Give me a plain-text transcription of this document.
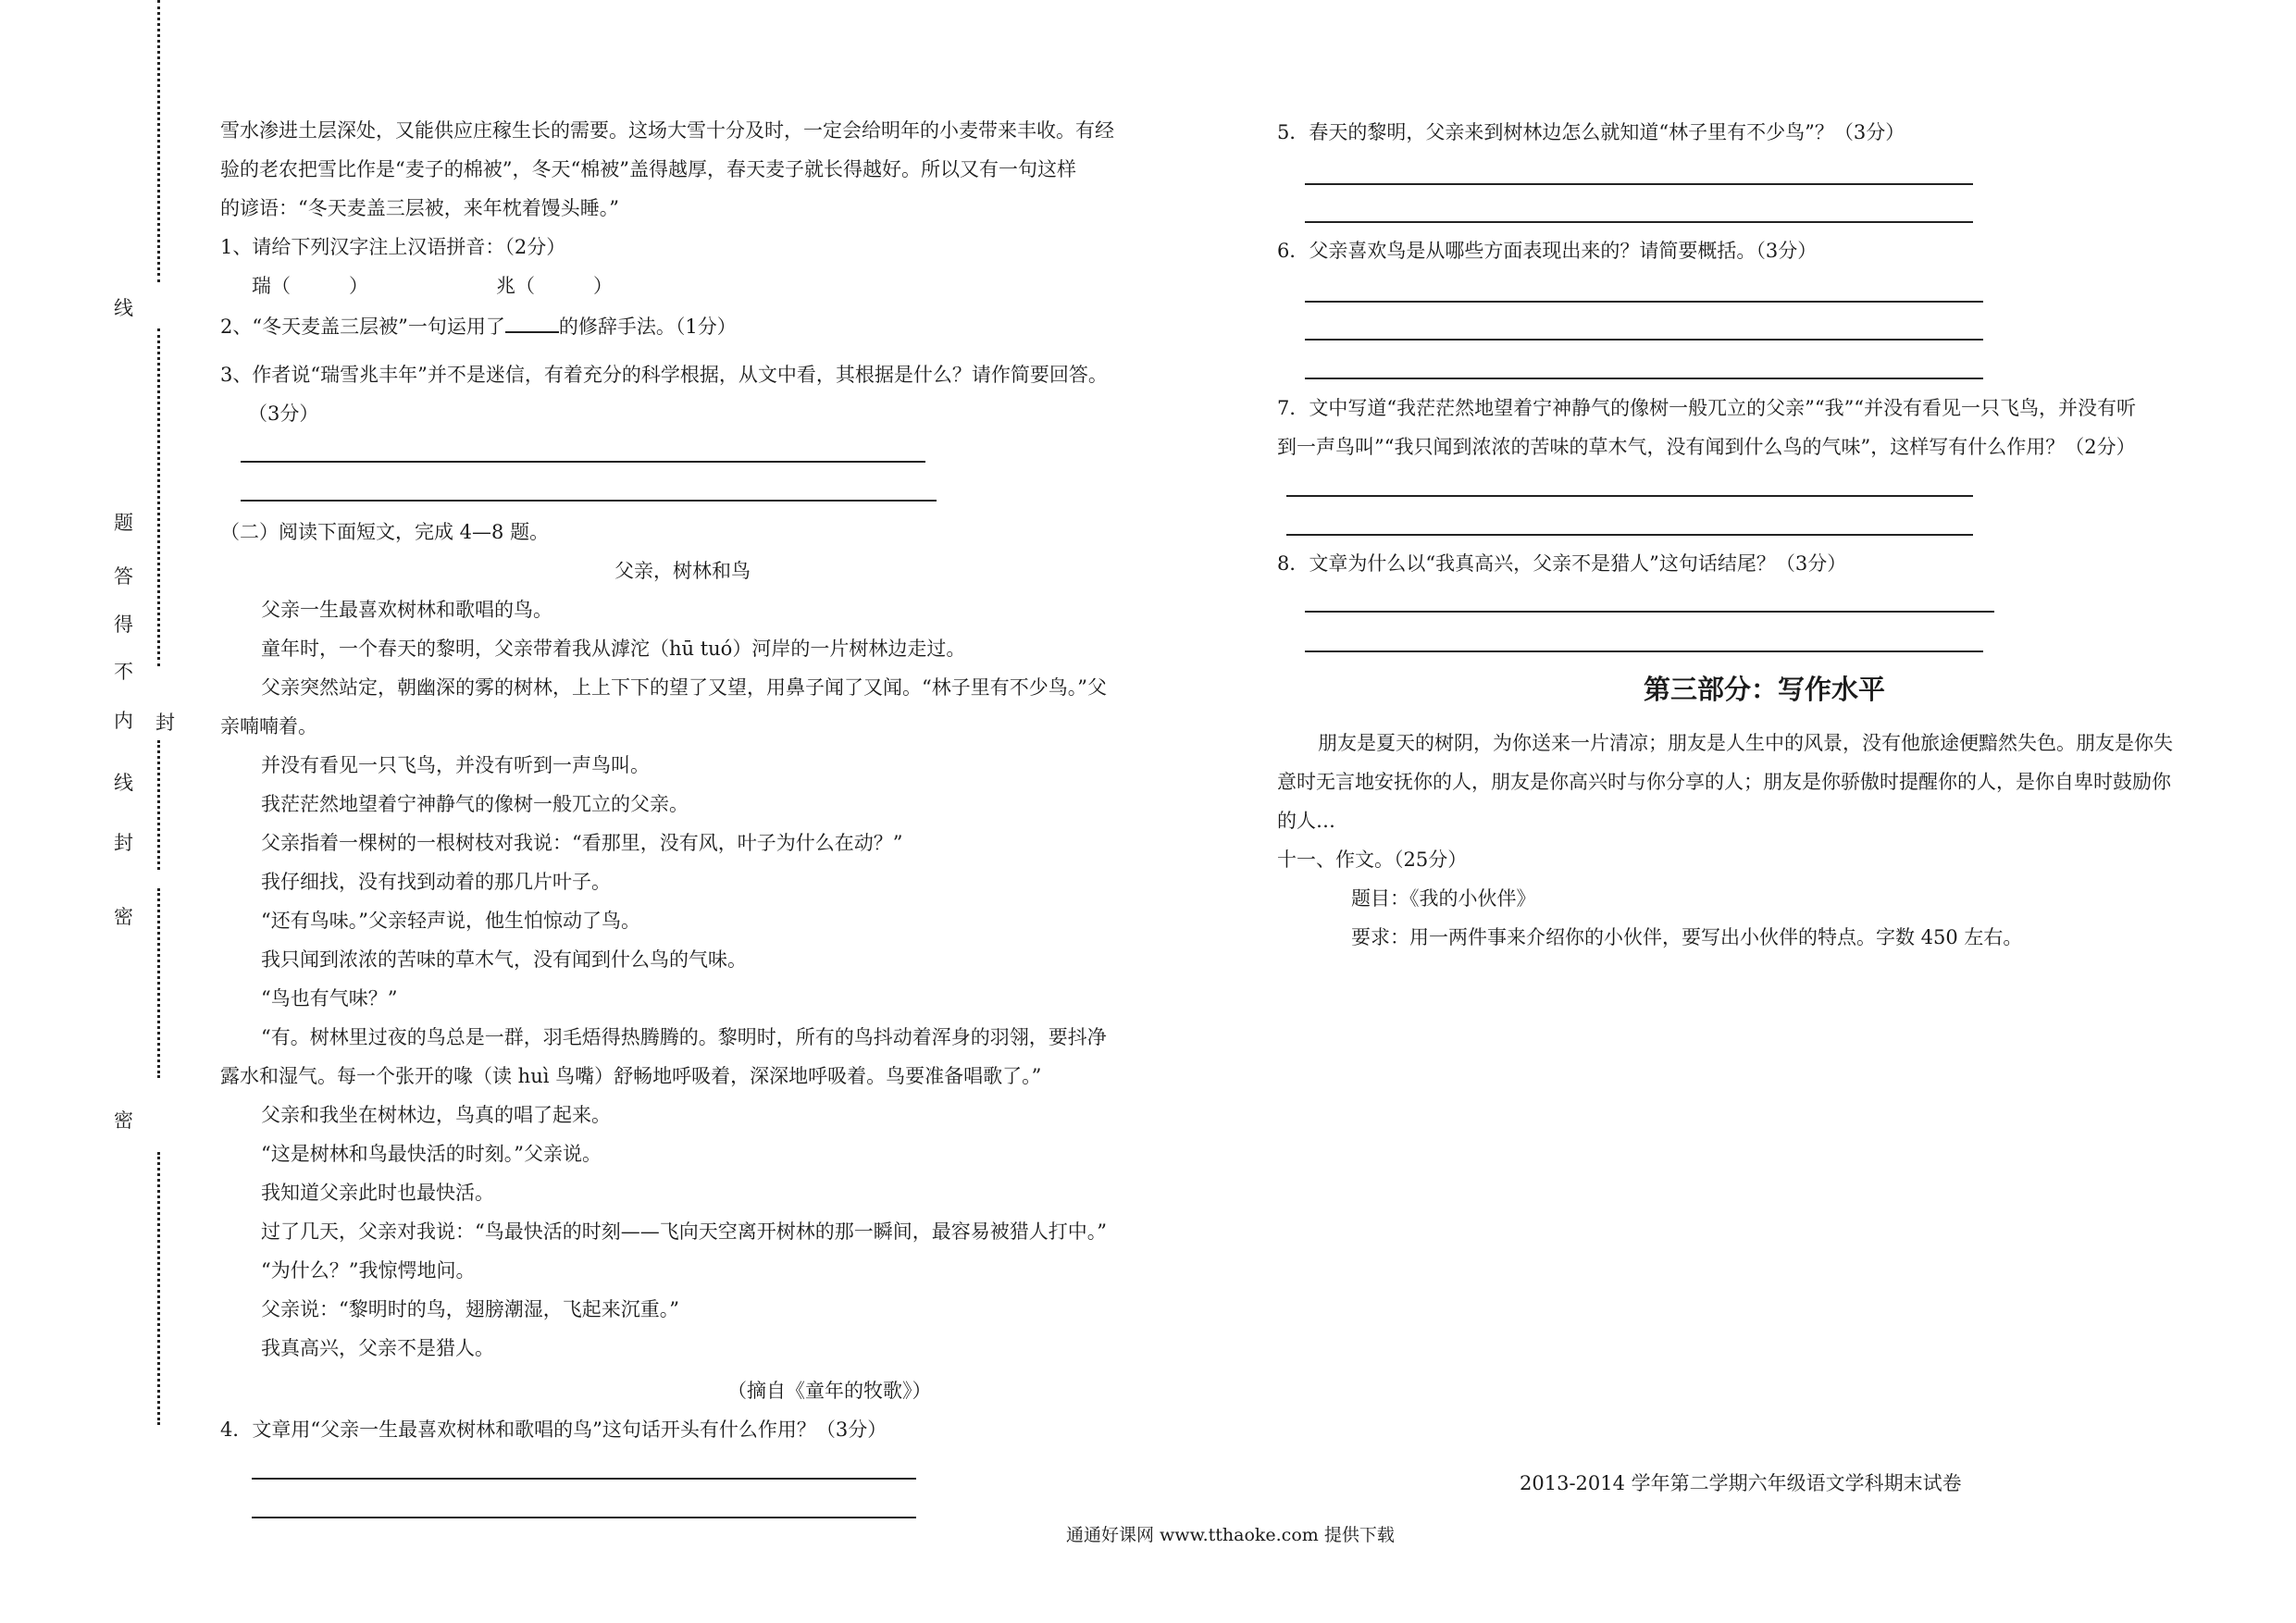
线
题
答
得
不
内 封
线
封
密
密
雪水渗进土层深处，又能供应庄稼生长的需要。这场大雪十分及时，一定会给明年的小麦带来丰收。有经
验的老农把雪比作是“麦子的棉被”，冬天“棉被”盖得越厚，春天麦子就长得越好。所以又有一句这样
的谚语：“冬天麦盖三层被，来年枕着馒头睡。”
1、请给下列汉字注上汉语拼音：（2分）
瑞（　　　）	兆（　　　）
2、“冬天麦盖三层被”一句运用了	的修辞手法。（1分）
3、作者说“瑞雪兆丰年”并不是迷信，有着充分的科学根据，从文中看，其根据是什么？请作简要回答。
（3分）
（二）阅读下面短文，完成 4—8 题。
父亲，树林和鸟
父亲一生最喜欢树林和歌唱的鸟。
童年时，一个春天的黎明，父亲带着我从滹沱（hū tuó）河岸的一片树林边走过。
父亲突然站定，朝幽深的雾的树林，上上下下的望了又望，用鼻子闻了又闻。“林子里有不少鸟。”父
亲喃喃着。
并没有看见一只飞鸟，并没有听到一声鸟叫。
我茫茫然地望着宁神静气的像树一般兀立的父亲。
父亲指着一棵树的一根树枝对我说：“看那里，没有风，叶子为什么在动？”
我仔细找，没有找到动着的那几片叶子。
“还有鸟味。”父亲轻声说，他生怕惊动了鸟。
我只闻到浓浓的苦味的草木气，没有闻到什么鸟的气味。
“鸟也有气味？”
“有。树林里过夜的鸟总是一群，羽毛焐得热腾腾的。黎明时，所有的鸟抖动着浑身的羽翎，要抖净
露水和湿气。每一个张开的喙（读 huì 鸟嘴）舒畅地呼吸着，深深地呼吸着。鸟要准备唱歌了。”
父亲和我坐在树林边，鸟真的唱了起来。
“这是树林和鸟最快活的时刻。”父亲说。
我知道父亲此时也最快活。
过了几天，父亲对我说：“鸟最快活的时刻——飞向天空离开树林的那一瞬间，最容易被猎人打中。”
“为什么？”我惊愕地问。
父亲说：“黎明时的鸟，翅膀潮湿，飞起来沉重。”
我真高兴，父亲不是猎人。
（摘自《童年的牧歌》）
4．文章用“父亲一生最喜欢树林和歌唱的鸟”这句话开头有什么作用？（3分）
5．春天的黎明，父亲来到树林边怎么就知道“林子里有不少鸟”？（3分）
6．父亲喜欢鸟是从哪些方面表现出来的？请简要概括。（3分）
7．文中写道“我茫茫然地望着宁神静气的像树一般兀立的父亲”“我”“并没有看见一只飞鸟，并没有听
到一声鸟叫”“我只闻到浓浓的苦味的草木气，没有闻到什么鸟的气味”，这样写有什么作用？（2分）
8．文章为什么以“我真高兴，父亲不是猎人”这句话结尾？（3分）
第三部分：写作水平
朋友是夏天的树阴，为你送来一片清凉；朋友是人生中的风景，没有他旅途便黯然失色。朋友是你失
意时无言地安抚你的人，朋友是你高兴时与你分享的人；朋友是你骄傲时提醒你的人，是你自卑时鼓励你
的人…
十一、作文。（25分）
题目：《我的小伙伴》
要求：用一两件事来介绍你的小伙伴，要写出小伙伴的特点。字数 450 左右。
2013-2014 学年第二学期六年级语文学科期末试卷
通通好课网 www.tthaoke.com 提供下载
